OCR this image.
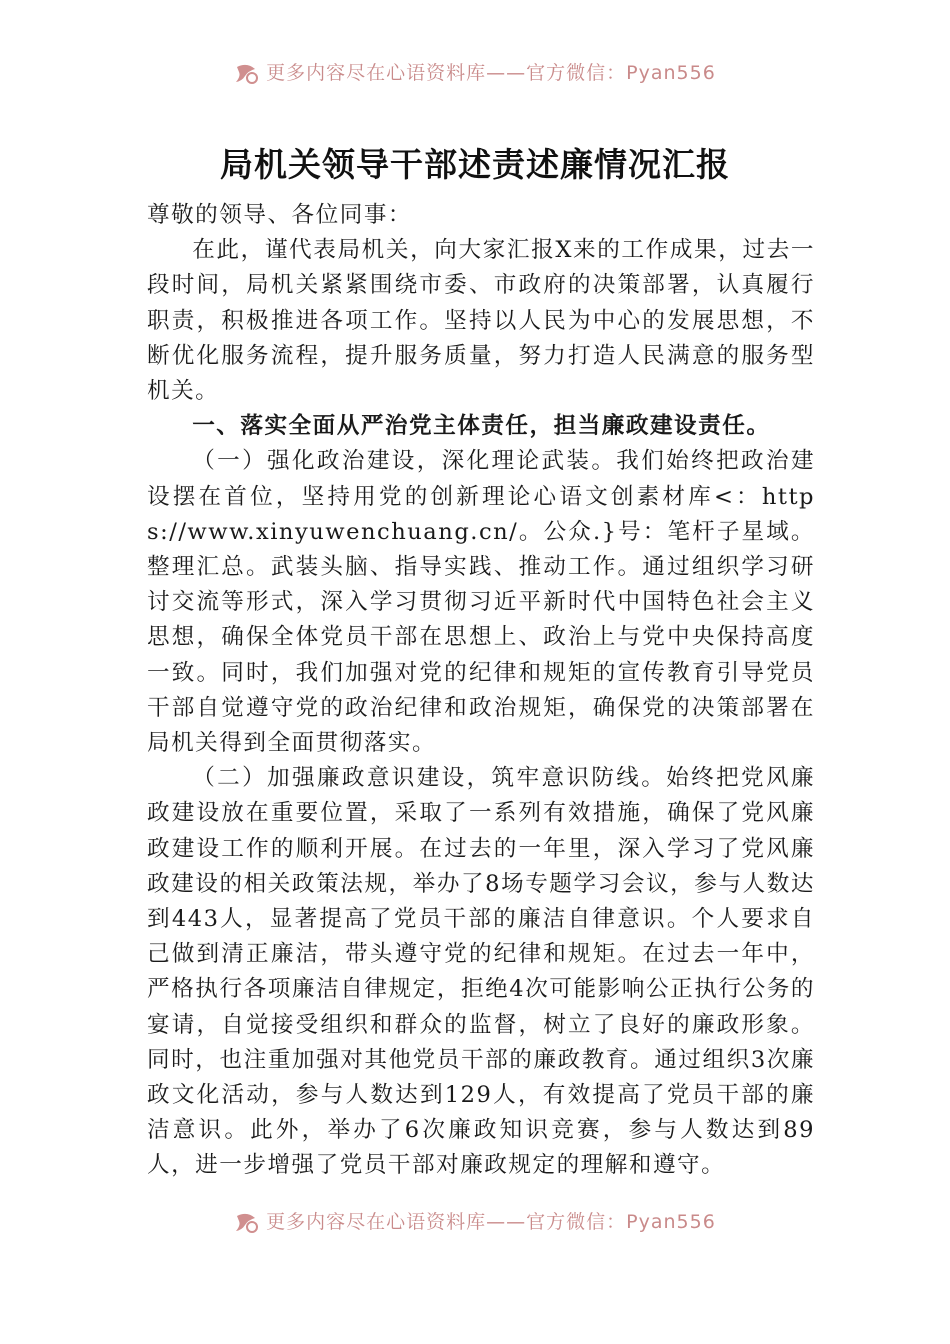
更多内容尽在心语资料库——官方微信：Pyan556
局机关领导干部述责述廉情况汇报

尊敬的领导、各位同事：

在此，谨代表局机关，向大家汇报X来的工作成果，过去一段时间，局机关紧紧围绕市委、市政府的决策部署，认真履行职责，积极推进各项工作。坚持以人民为中心的发展思想，不断优化服务流程，提升服务质量，努力打造人民满意的服务型机关。

一、落实全面从严治党主体责任，担当廉政建设责任。

（一）强化政治建设，深化理论武装。我们始终把政治建设摆在首位，坚持用党的创新理论心语文创素材库<：https://www.xinyuwenchuang.cn/。公众.}号：笔杆子星域。整理汇总。武装头脑、指导实践、推动工作。通过组织学习研讨交流等形式，深入学习贯彻习近平新时代中国特色社会主义思想，确保全体党员干部在思想上、政治上与党中央保持高度一致。同时，我们加强对党的纪律和规矩的宣传教育引导党员干部自觉遵守党的政治纪律和政治规矩，确保党的决策部署在局机关得到全面贯彻落实。

（二）加强廉政意识建设，筑牢意识防线。始终把党风廉政建设放在重要位置，采取了一系列有效措施，确保了党风廉政建设工作的顺利开展。在过去的一年里，深入学习了党风廉政建设的相关政策法规，举办了8场专题学习会议，参与人数达到443人，显著提高了党员干部的廉洁自律意识。个人要求自己做到清正廉洁，带头遵守党的纪律和规矩。在过去一年中，严格执行各项廉洁自律规定，拒绝4次可能影响公正执行公务的宴请，自觉接受组织和群众的监督，树立了良好的廉政形象。同时，也注重加强对其他党员干部的廉政教育。通过组织3次廉政文化活动，参与人数达到129人，有效提高了党员干部的廉洁意识。此外，举办了6次廉政知识竞赛，参与人数达到89人，进一步增强了党员干部对廉政规定的理解和遵守。

更多内容尽在心语资料库——官方微信：Pyan556
